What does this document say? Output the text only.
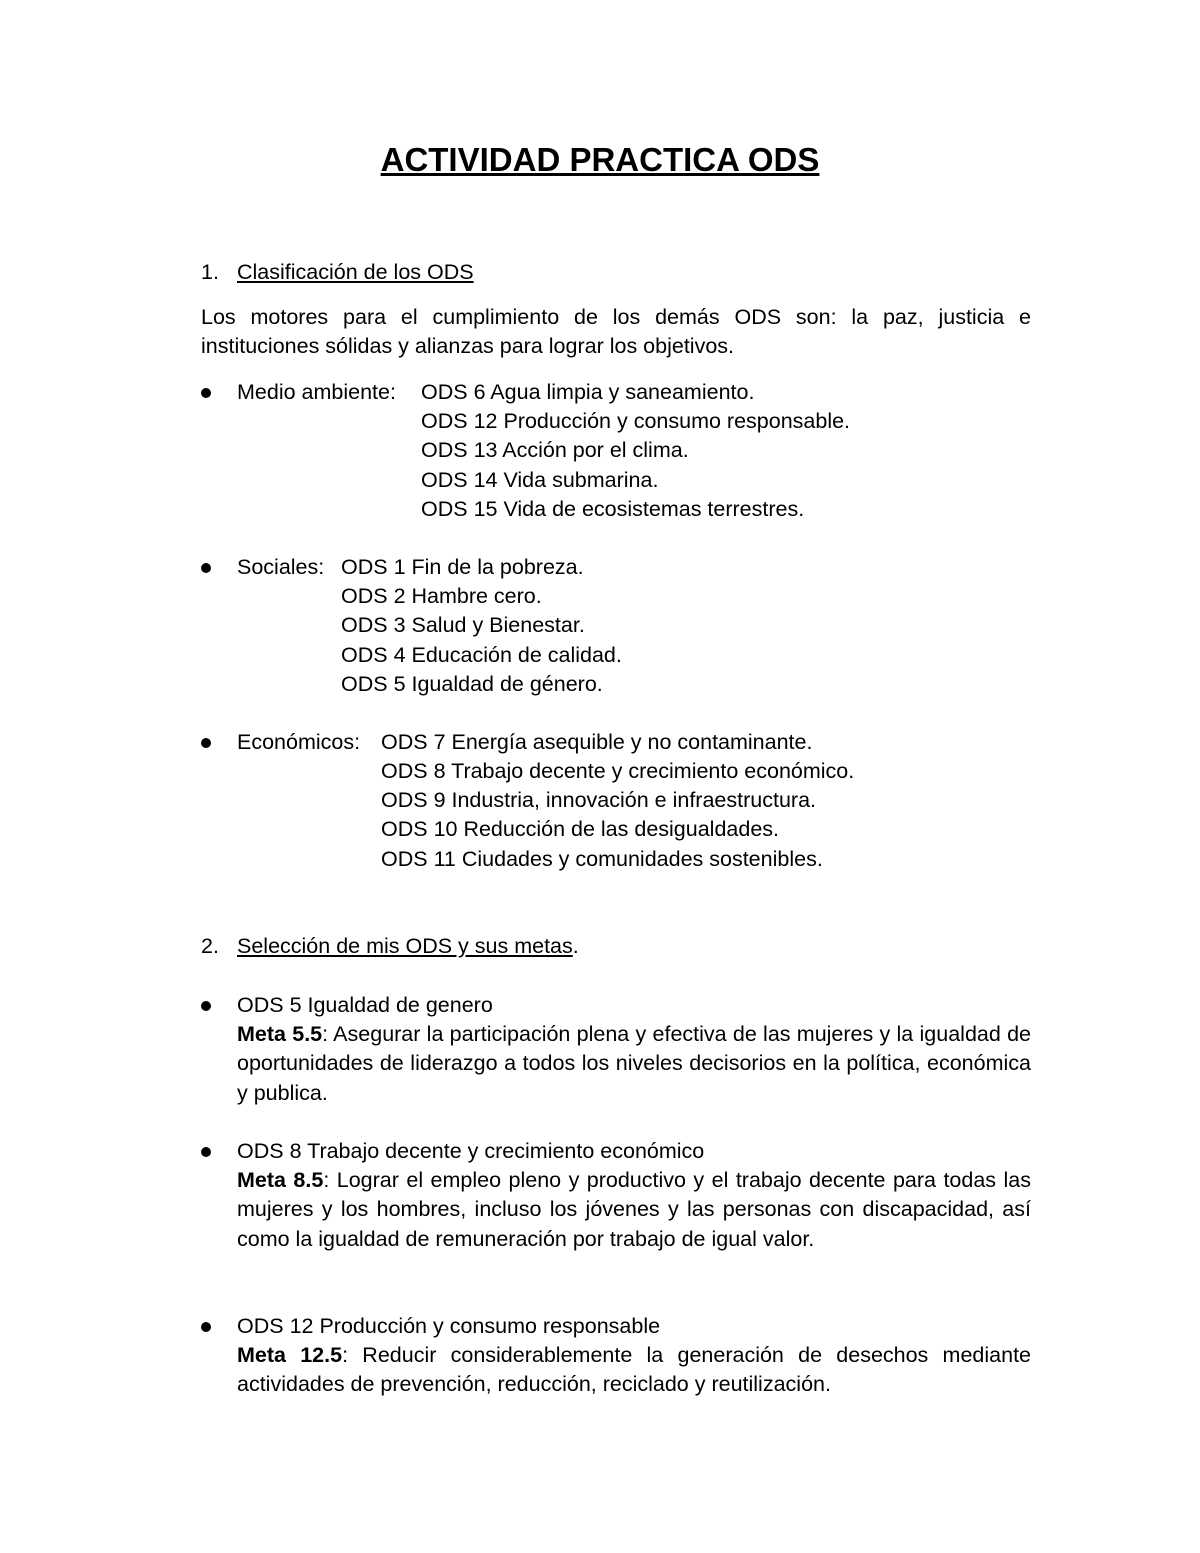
ACTIVIDAD PRACTICA ODS
1. Clasificación de los ODS
Los motores para el cumplimiento de los demás ODS son: la paz, justicia e instituciones sólidas y alianzas para lograr los objetivos.
Medio ambiente: ODS 6 Agua limpia y saneamiento.
ODS 12 Producción y consumo responsable.
ODS 13 Acción por el clima.
ODS 14 Vida submarina.
ODS 15 Vida de ecosistemas terrestres.
Sociales: ODS 1 Fin de la pobreza.
ODS 2 Hambre cero.
ODS 3 Salud y Bienestar.
ODS 4 Educación de calidad.
ODS 5 Igualdad de género.
Económicos: ODS 7 Energía asequible y no contaminante.
ODS 8 Trabajo decente y crecimiento económico.
ODS 9 Industria, innovación e infraestructura.
ODS 10 Reducción de las desigualdades.
ODS 11 Ciudades y comunidades sostenibles.
2. Selección de mis ODS y sus metas.
ODS 5 Igualdad de genero
Meta 5.5: Asegurar la participación plena y efectiva de las mujeres y la igualdad de oportunidades de liderazgo a todos los niveles decisorios en la política, económica y publica.
ODS 8 Trabajo decente y crecimiento económico
Meta 8.5: Lograr el empleo pleno y productivo y el trabajo decente para todas las mujeres y los hombres, incluso los jóvenes y las personas con discapacidad, así como la igualdad de remuneración por trabajo de igual valor.
ODS 12 Producción y consumo responsable
Meta 12.5: Reducir considerablemente la generación de desechos mediante actividades de prevención, reducción, reciclado y reutilización.
